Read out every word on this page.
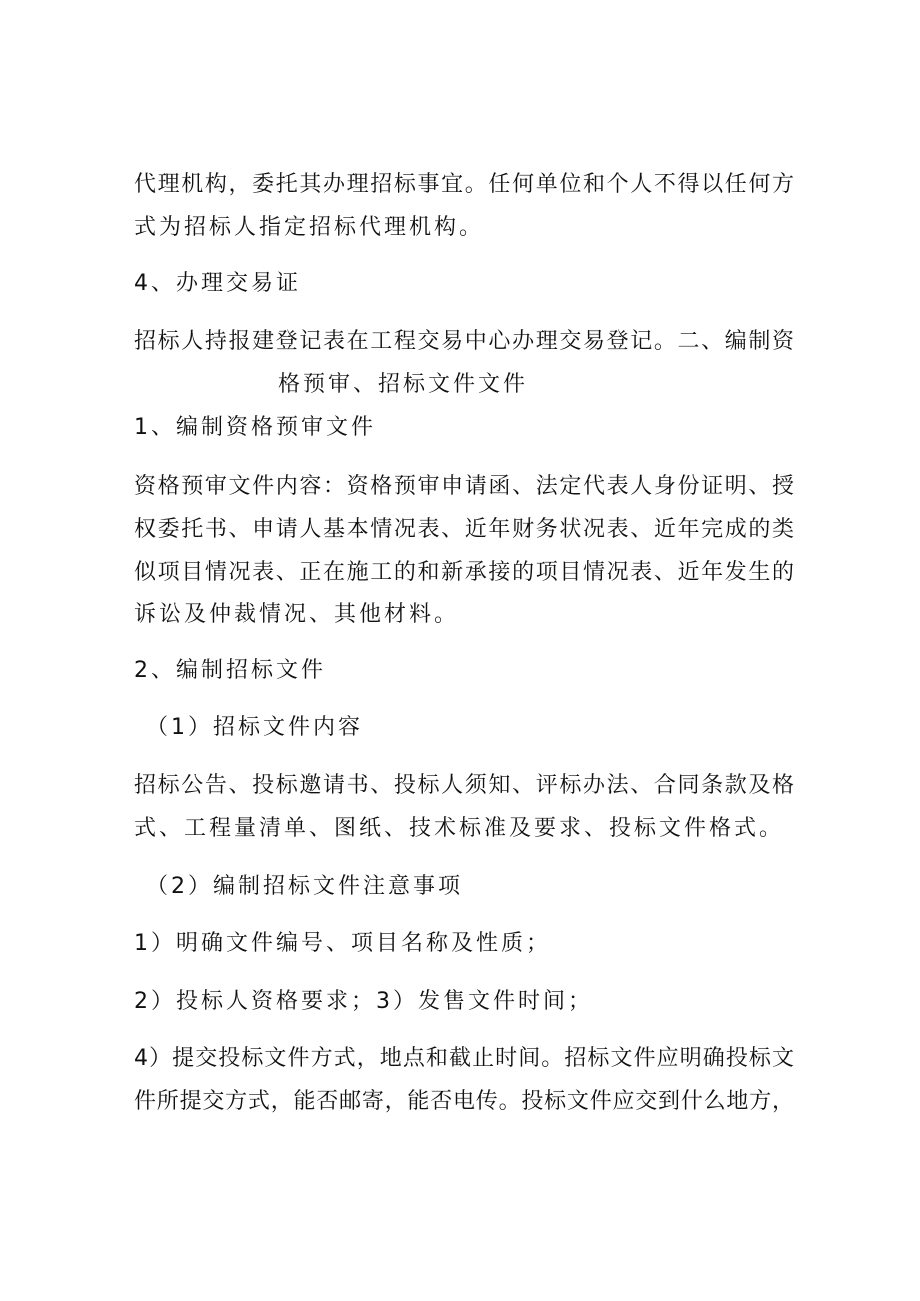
代理机构，委托其办理招标事宜。任何单位和个人不得以任何方
式为招标人指定招标代理机构。
4、办理交易证
招标人持报建登记表在工程交易中心办理交易登记。二、编制资
格预审、招标文件文件
1、编制资格预审文件
资格预审文件内容：资格预审申请函、法定代表人身份证明、授
权委托书、申请人基本情况表、近年财务状况表、近年完成的类
似项目情况表、正在施工的和新承接的项目情况表、近年发生的
诉讼及仲裁情况、其他材料。
2、编制招标文件
（1）招标文件内容
招标公告、投标邀请书、投标人须知、评标办法、合同条款及格
式、工程量清单、图纸、技术标准及要求、投标文件格式。
（2）编制招标文件注意事项
1）明确文件编号、项目名称及性质；
2）投标人资格要求；3）发售文件时间；
4）提交投标文件方式，地点和截止时间。招标文件应明确投标文
件所提交方式，能否邮寄，能否电传。投标文件应交到什么地方，
